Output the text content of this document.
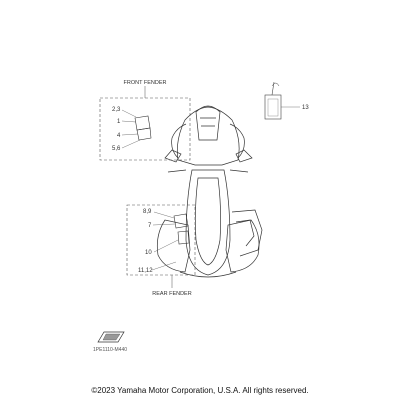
FRONT FENDER
2,3
1
4
5,6
REAR FENDER
8,9
7
10
11,12
13
1PE1110-M440
©2023 Yamaha Motor Corporation, U.S.A. All rights reserved.
